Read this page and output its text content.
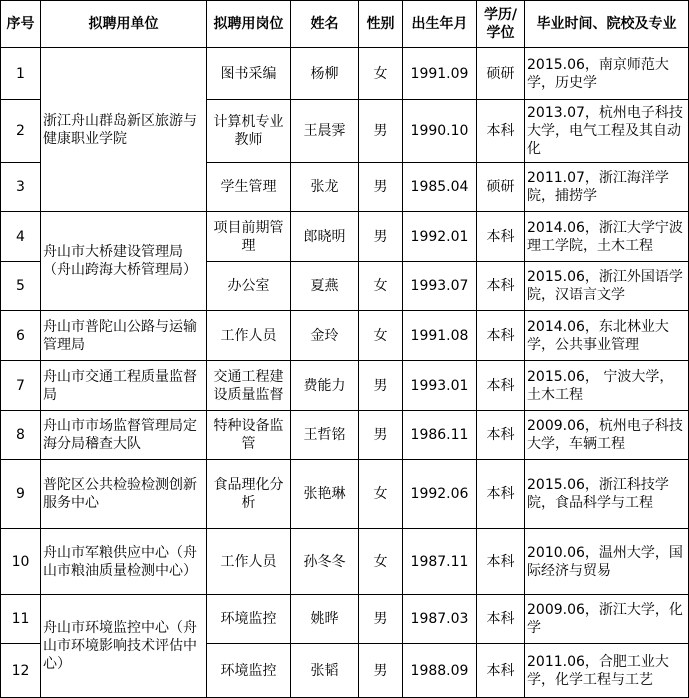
序号	拟聘用单位	拟聘用岗位	姓名	性别	出生年月	学历/学位	毕业时间、院校及专业
1	浙江舟山群岛新区旅游与健康职业学院	图书采编	杨柳	女	1991.09	硕研	2015.06，南京师范大学，历史学
2		计算机专业教师	王晨霁	男	1990.10	本科	2013.07，杭州电子科技大学，电气工程及其自动化
3		学生管理	张龙	男	1985.04	硕研	2011.07，浙江海洋学院，捕捞学
4	舟山市大桥建设管理局（舟山跨海大桥管理局）	项目前期管理	郎晓明	男	1992.01	本科	2014.06，浙江大学宁波理工学院，土木工程
5		办公室	夏燕	女	1993.07	本科	2015.06，浙江外国语学院，汉语言文学
6	舟山市普陀山公路与运输管理局	工作人员	金玲	女	1991.08	本科	2014.06，东北林业大学，公共事业管理
7	舟山市交通工程质量监督局	交通工程建设质量监督	费能力	男	1993.01	本科	2015.06， 宁波大学，土木工程
8	舟山市市场监督管理局定海分局稽查大队	特种设备监管	王哲铭	男	1986.11	本科	2009.06，杭州电子科技大学，车辆工程
9	普陀区公共检验检测创新服务中心	食品理化分析	张艳琳	女	1992.06	本科	2015.06，浙江科技学院，食品科学与工程
10	舟山市军粮供应中心（舟山市粮油质量检测中心）	工作人员	孙冬冬	女	1987.11	本科	2010.06，温州大学，国际经济与贸易
11	舟山市环境监控中心（舟山市环境影响技术评估中心）	环境监控	姚晔	男	1987.03	本科	2009.06，浙江大学，化学
12		环境监控	张韬	男	1988.09	本科	2011.06，合肥工业大学，化学工程与工艺
